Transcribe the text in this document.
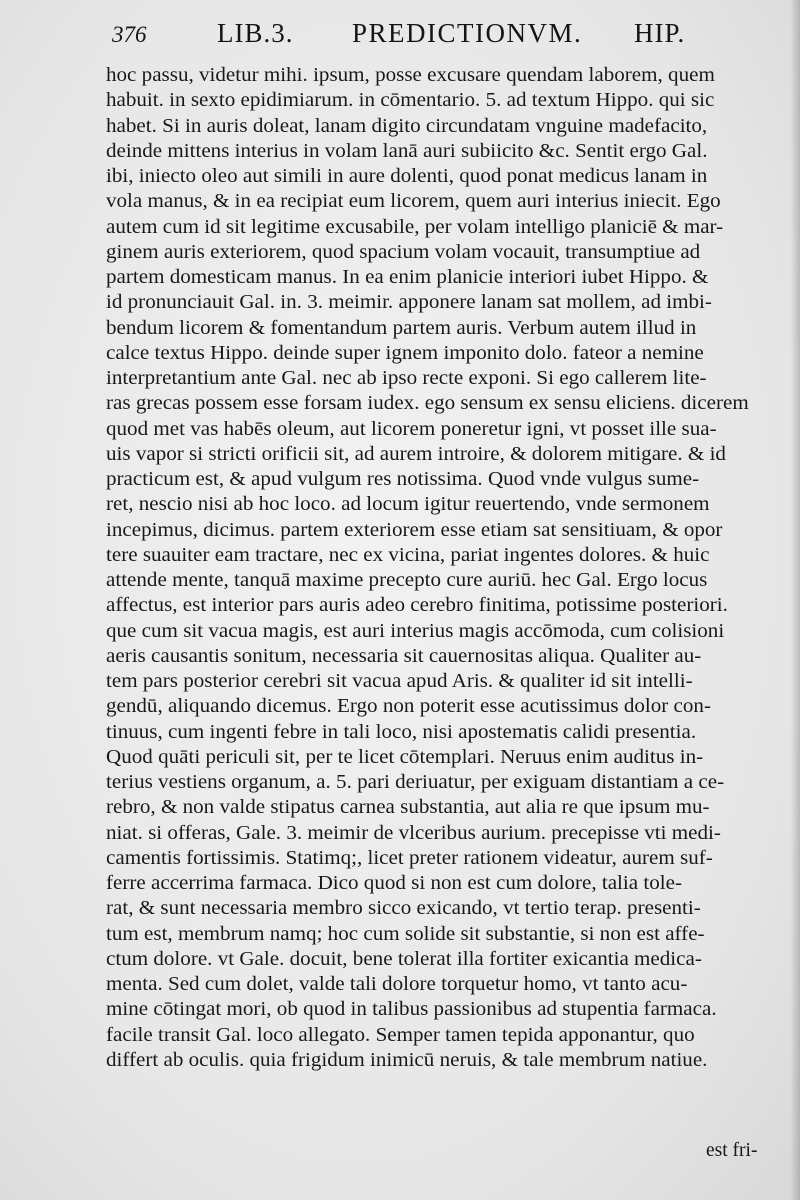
376	LIB.3. PREDICTIONVM. HIP.
hoc passu, videtur mihi. ipsum, posse excusare quendam laborem, quem
habuit. in sexto epidimiarum. in cōmentario. 5. ad textum Hippo. qui sic
habet. Si in auris doleat, lanam digito circundatam vnguine madefacito,
deinde mittens interius in volam lanā auri subiicito &c. Sentit ergo Gal.
ibi, iniecto oleo aut simili in aure dolenti, quod ponat medicus lanam in
vola manus, & in ea recipiat eum licorem, quem auri interius iniecit. Ego
autem cum id sit legitime excusabile, per volam intelligo planiciē & mar-
ginem auris exteriorem, quod spacium volam vocauit, transumptiue ad
partem domesticam manus. In ea enim planicie interiori iubet Hippo. &
id pronunciauit Gal. in. 3. meimir. apponere lanam sat mollem, ad imbi-
bendum licorem & fomentandum partem auris. Verbum autem illud in
calce textus Hippo. deinde super ignem imponito dolo. fateor a nemine
interpretantium ante Gal. nec ab ipso recte exponi. Si ego callerem lite-
ras grecas possem esse forsam iudex. ego sensum ex sensu eliciens. dicerem
quod met vas habēs oleum, aut licorem poneretur igni, vt posset ille sua-
uis vapor si stricti orificii sit, ad aurem introire, & dolorem mitigare. & id
practicum est, & apud vulgum res notissima. Quod vnde vulgus sume-
ret, nescio nisi ab hoc loco. ad locum igitur reuertendo, vnde sermonem
incepimus, dicimus. partem exteriorem esse etiam sat sensitiuam, & opor
tere suauiter eam tractare, nec ex vicina, pariat ingentes dolores. & huic
attende mente, tanquā maxime precepto cure auriū. hec Gal. Ergo locus
affectus, est interior pars auris adeo cerebro finitima, potissime posteriori.
que cum sit vacua magis, est auri interius magis accōmoda, cum colisioni
aeris causantis sonitum, necessaria sit cauernositas aliqua. Qualiter au-
tem pars posterior cerebri sit vacua apud Aris. & qualiter id sit intelli-
gendū, aliquando dicemus. Ergo non poterit esse acutissimus dolor con-
tinuus, cum ingenti febre in tali loco, nisi apostematis calidi presentia.
Quod quāti periculi sit, per te licet cōtemplari. Neruus enim auditus in-
terius vestiens organum, a. 5. pari deriuatur, per exiguam distantiam a ce-
rebro, & non valde stipatus carnea substantia, aut alia re que ipsum mu-
niat. si offeras, Gale. 3. meimir de vlceribus aurium. precepisse vti medi-
camentis fortissimis. Statimq;, licet preter rationem videatur, aurem suf-
ferre accerrima farmaca. Dico quod si non est cum dolore, talia tole-
rat, & sunt necessaria membro sicco exicando, vt tertio terap. presenti-
tum est, membrum namq; hoc cum solide sit substantie, si non est affe-
ctum dolore. vt Gale. docuit, bene tolerat illa fortiter exicantia medica-
menta. Sed cum dolet, valde tali dolore torquetur homo, vt tanto acu-
mine cōtingat mori, ob quod in talibus passionibus ad stupentia farmaca.
facile transit Gal. loco allegato. Semper tamen tepida apponantur, quo
differt ab oculis. quia frigidum inimicū neruis, & tale membrum natiue.
est fri-
